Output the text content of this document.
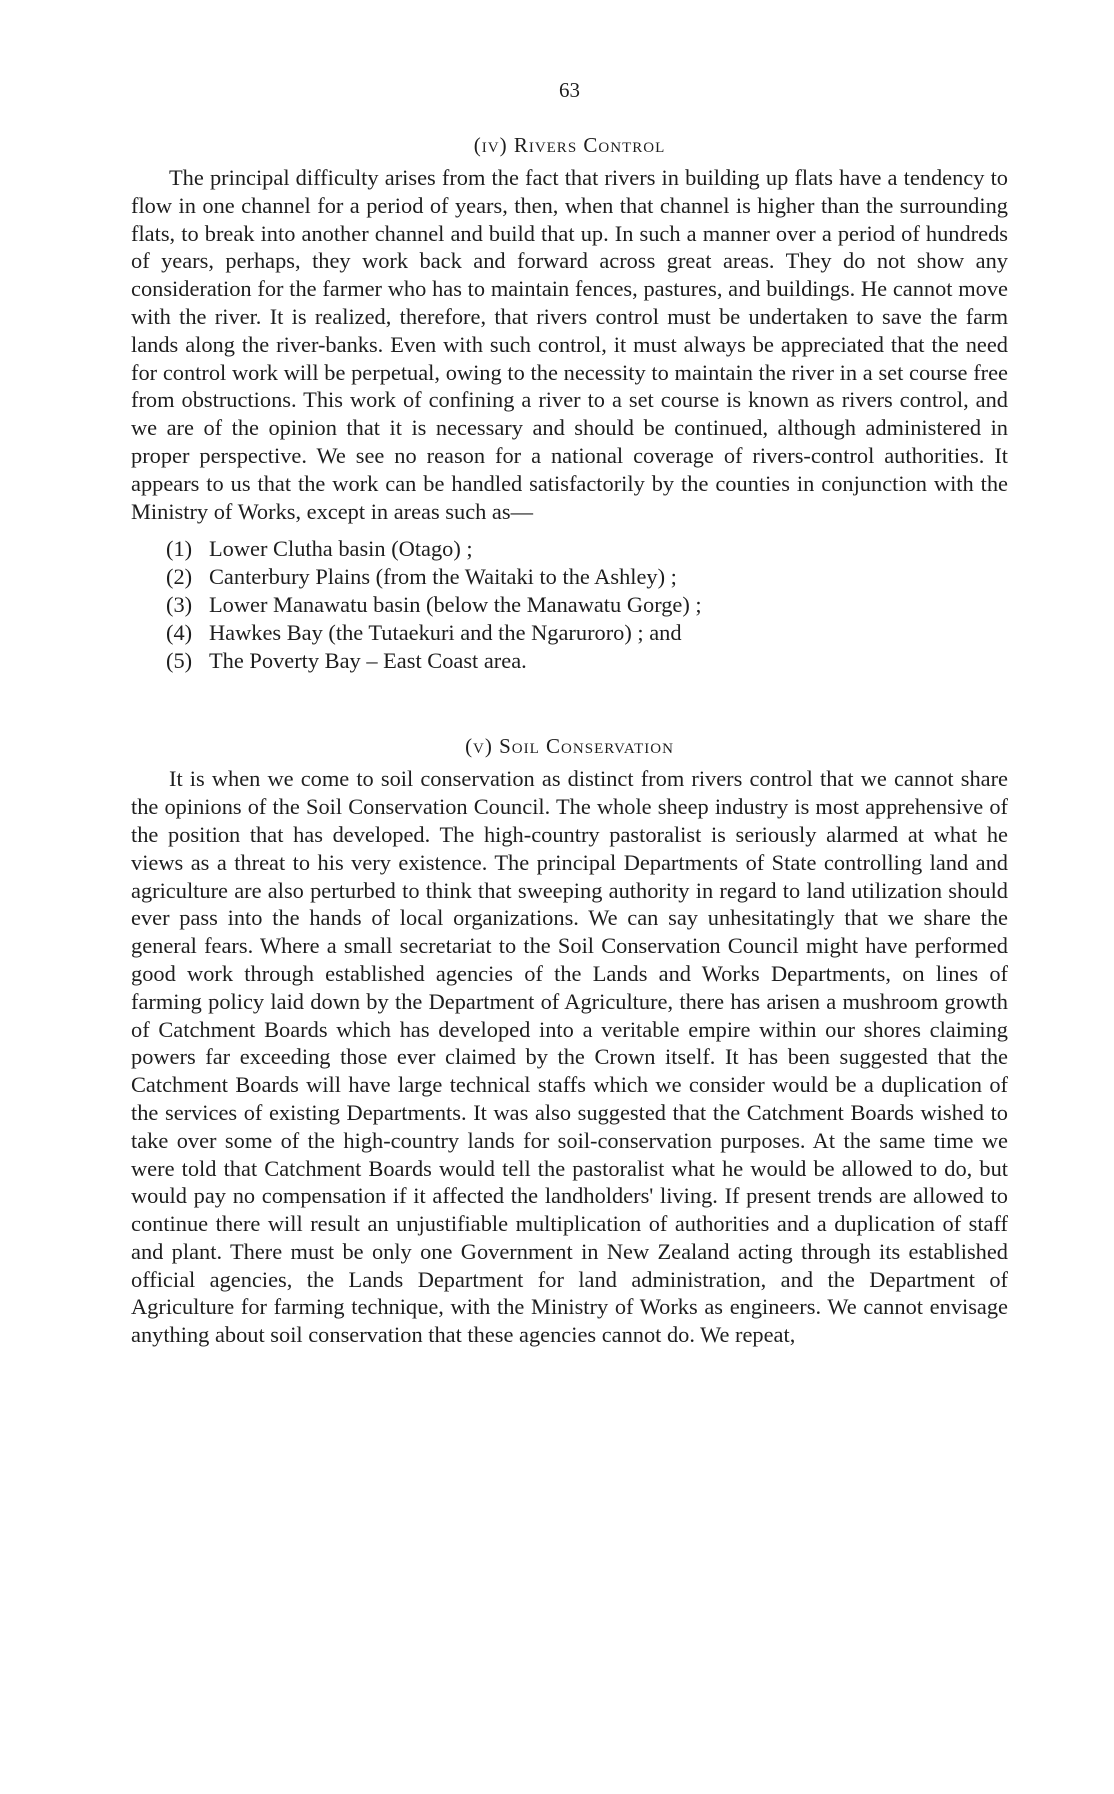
63
(iv) Rivers Control

The principal difficulty arises from the fact that rivers in building up flats have a tendency to flow in one channel for a period of years, then, when that channel is higher than the surrounding flats, to break into another channel and build that up. In such a manner over a period of hundreds of years, perhaps, they work back and forward across great areas. They do not show any consideration for the farmer who has to maintain fences, pastures, and buildings. He cannot move with the river. It is realized, therefore, that rivers control must be undertaken to save the farm lands along the river-banks. Even with such control, it must always be appreciated that the need for control work will be perpetual, owing to the necessity to maintain the river in a set course free from obstructions. This work of confining a river to a set course is known as rivers control, and we are of the opinion that it is necessary and should be continued, although administered in proper perspective. We see no reason for a national coverage of rivers-control authorities. It appears to us that the work can be handled satisfactorily by the counties in conjunction with the Ministry of Works, except in areas such as—

(1) Lower Clutha basin (Otago) ;
(2) Canterbury Plains (from the Waitaki to the Ashley) ;
(3) Lower Manawatu basin (below the Manawatu Gorge) ;
(4) Hawkes Bay (the Tutaekuri and the Ngaruroro) ; and
(5) The Poverty Bay – East Coast area.
(v) Soil Conservation

It is when we come to soil conservation as distinct from rivers control that we cannot share the opinions of the Soil Conservation Council. The whole sheep industry is most apprehensive of the position that has developed. The high-country pastoralist is seriously alarmed at what he views as a threat to his very existence. The principal Departments of State controlling land and agriculture are also perturbed to think that sweeping authority in regard to land utilization should ever pass into the hands of local organizations. We can say unhesitatingly that we share the general fears. Where a small secretariat to the Soil Conservation Council might have performed good work through established agencies of the Lands and Works Departments, on lines of farming policy laid down by the Department of Agriculture, there has arisen a mushroom growth of Catchment Boards which has developed into a veritable empire within our shores claiming powers far exceeding those ever claimed by the Crown itself. It has been suggested that the Catchment Boards will have large technical staffs which we consider would be a duplication of the services of existing Departments. It was also suggested that the Catchment Boards wished to take over some of the high-country lands for soil-conservation purposes. At the same time we were told that Catchment Boards would tell the pastoralist what he would be allowed to do, but would pay no compensation if it affected the landholders' living. If present trends are allowed to continue there will result an unjustifiable multiplication of authorities and a duplication of staff and plant. There must be only one Government in New Zealand acting through its established official agencies, the Lands Department for land administration, and the Department of Agriculture for farming technique, with the Ministry of Works as engineers. We cannot envisage anything about soil conservation that these agencies cannot do. We repeat,
